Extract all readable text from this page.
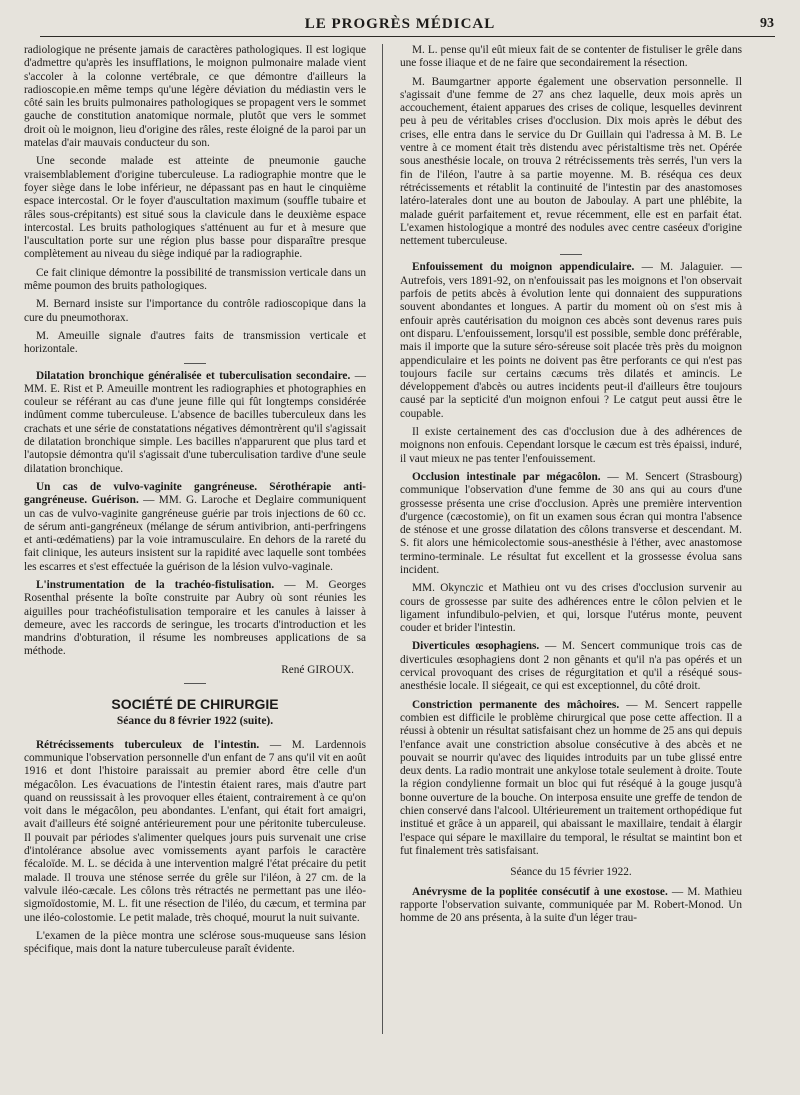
LE PROGRÈS MÉDICAL	93

radiologique ne présente jamais de caractères pathologiques. Il est logique d'admettre qu'après les insufflations, le moignon pulmonaire malade vient s'accoler à la colonne vertébrale, ce que démontre d'ailleurs la radioscopie.en même temps qu'une légère déviation du médiastin vers le côté sain les bruits pulmonaires pathologiques se propagent vers le sommet gauche de constitution anatomique normale, plutôt que vers le sommet droit où le moignon, lieu d'origine des râles, reste éloigné de la paroi par un matelas d'air mauvais conducteur du son.

Une seconde malade est atteinte de pneumonie gauche vraisemblablement d'origine tuberculeuse. La radiographie montre que le foyer siège dans le lobe inférieur, ne dépassant pas en haut le cinquième espace intercostal. Or le foyer d'auscultation maximum (souffle tubaire et râles sous-crépitants) est situé sous la clavicule dans le deuxième espace intercostal. Les bruits pathologiques s'atténuent au fur et à mesure que l'auscultation porte sur une région plus basse pour disparaître presque complètement au niveau du siège indiqué par la radiographie.

Ce fait clinique démontre la possibilité de transmission verticale dans un même poumon des bruits pathologiques.

M. Bernard insiste sur l'importance du contrôle radioscopique dans la cure du pneumothorax.

M. Ameuille signale d'autres faits de transmission verticale et horizontale.

Dilatation bronchique généralisée et tuberculisation secondaire. — MM. E. Rist et P. Ameuille montrent les radiographies et photographies en couleur se référant au cas d'une jeune fille qui fût longtemps considérée indûment comme tuberculeuse. L'absence de bacilles tuberculeux dans les crachats et une série de constatations négatives démontrèrent qu'il s'agissait de dilatation bronchique simple. Les bacilles n'apparurent que plus tard et l'autopsie démontra qu'il s'agissait d'une tuberculisation tardive d'une seule dilatation bronchique.

Un cas de vulvo-vaginite gangréneuse. Sérothérapie anti-gangréneuse. Guérison. — MM. G. Laroche et Deglaire communiquent un cas de vulvo-vaginite gangréneuse guérie par trois injections de 60 cc. de sérum anti-gangréneux (mélange de sérum antivibrion, anti-perfringens et anti-œdématiens) par la voie intramusculaire. En dehors de la rareté du fait clinique, les auteurs insistent sur la rapidité avec laquelle sont tombées les escarres et s'est effectuée la guérison de la lésion vulvo-vaginale.

L'instrumentation de la trachéo-fistulisation. — M. Georges Rosenthal présente la boîte construite par Aubry où sont réunies les aiguilles pour trachéofistulisation temporaire et les canules à laisser à demeure, avec les raccords de seringue, les trocarts d'introduction et les mandrins d'obturation, il résume les nombreuses applications de sa méthode.

René GIROUX.

SOCIÉTÉ DE CHIRURGIE

Séance du 8 février 1922 (suite).

Rétrécissements tuberculeux de l'intestin. — M. Lardennois communique l'observation personnelle d'un enfant de 7 ans qu'il vit en août 1916 et dont l'histoire paraissait au premier abord être celle d'un mégacôlon. Les évacuations de l'intestin étaient rares, mais d'autre part quand on reussissait à les provoquer elles étaient, contrairement à ce qu'on voit dans le mégacôlon, peu abondantes. L'enfant, qui était fort amaigri, avait d'ailleurs été soigné antérieurement pour une péritonite tuberculeuse. Il pouvait par périodes s'alimenter quelques jours puis survenait une crise d'intolérance absolue avec vomissements ayant parfois le caractère fécaloïde. M. L. se décida à une intervention malgré l'état précaire du petit malade. Il trouva une sténose serrée du grêle sur l'iléon, à 27 cm. de la valvule iléo-cæcale. Les côlons très rétractés ne permettant pas une iléo-sigmoïdostomie, M. L. fit une résection de l'iléo, du cæcum, et termina par une iléo-colostomie. Le petit malade, très choqué, mourut la nuit suivante.

L'examen de la pièce montra une sclérose sous-muqueuse sans lésion spécifique, mais dont la nature tuberculeuse paraît évidente.

M. L. pense qu'il eût mieux fait de se contenter de fistuliser le grêle dans une fosse iliaque et de ne faire que secondairement la résection.

M. Baumgartner apporte également une observation personnelle. Il s'agissait d'une femme de 27 ans chez laquelle, deux mois après un accouchement, étaient apparues des crises de colique, lesquelles devinrent peu à peu de véritables crises d'occlusion. Dix mois après le début des crises, elle entra dans le service du Dr Guillain qui l'adressa à M. B. Le ventre à ce moment était très distendu avec péristaltisme très net. Opérée sous anesthésie locale, on trouva 2 rétrécissements très serrés, l'un vers la fin de l'iléon, l'autre à sa partie moyenne. M. B. réséqua ces deux rétrécissements et rétablit la continuité de l'intestin par des anastomoses latéro-laterales dont une au bouton de Jaboulay. A part une phlébite, la malade guérit parfaitement et, revue récemment, elle est en parfait état. L'examen histologique a montré des nodules avec centre caséeux d'origine nettement tuberculeuse.

Enfouissement du moignon appendiculaire. — M. Jalaguier. — Autrefois, vers 1891-92, on n'enfouissait pas les moignons et l'on observait parfois de petits abcès à évolution lente qui donnaient des suppurations souvent abondantes et longues. A partir du moment où on s'est mis à enfouir après cautérisation du moignon ces abcès sont devenus rares puis ont disparu. L'enfouissement, lorsqu'il est possible, semble donc préférable, mais il importe que la suture séro-séreuse soit placée très près du moignon appendiculaire et les points ne doivent pas être perforants ce qui n'est pas toujours facile sur certains cæcums très dilatés et amincis. Le développement d'abcès ou autres incidents peut-il d'ailleurs être toujours causé par la septicité d'un moignon enfoui ? Le catgut peut aussi être le coupable.

Il existe certainement des cas d'occlusion due à des adhérences de moignons non enfouis. Cependant lorsque le cæcum est très épaissi, induré, il vaut mieux ne pas tenter l'enfouissement.

Occlusion intestinale par mégacôlon. — M. Sencert (Strasbourg) communique l'observation d'une femme de 30 ans qui au cours d'une grossesse présenta une crise d'occlusion. Après une première intervention d'urgence (cæcostomie), on fit un examen sous écran qui montra l'absence de sténose et une grosse dilatation des côlons transverse et descendant. M. S. fit alors une hémicolectomie sous-anesthésie à l'éther, avec anastomose termino-terminale. Le résultat fut excellent et la grossesse évolua sans incident.

MM. Okynczic et Mathieu ont vu des crises d'occlusion survenir au cours de grossesse par suite des adhérences entre le côlon pelvien et le ligament infundibulo-pelvien, et qui, lorsque l'utérus monte, peuvent couder et brider l'intestin.

Diverticules œsophagiens. — M. Sencert communique trois cas de diverticules œsophagiens dont 2 non gênants et qu'il n'a pas opérés et un cervical provoquant des crises de régurgitation et qu'il a réséqué sous-anesthésie locale. Il siégeait, ce qui est exceptionnel, du côté droit.

Constriction permanente des mâchoires. — M. Sencert rappelle combien est difficile le problème chirurgical que pose cette affection. Il a réussi à obtenir un résultat satisfaisant chez un homme de 25 ans qui depuis l'enfance avait une constriction absolue consécutive à des abcès et ne pouvait se nourrir qu'avec des liquides introduits par un tube glissé entre deux dents. La radio montrait une ankylose totale seulement à droite. Toute la région condylienne formait un bloc qui fut réséqué à la gouge jusqu'à bonne ouverture de la bouche. On interposa ensuite une greffe de tendon de chien conservé dans l'alcool. Ultérieurement un traitement orthopédique fut institué et grâce à un appareil, qui abaissant le maxillaire, tendait à élargir l'espace qui sépare le maxillaire du temporal, le résultat se maintint bon et fut finalement très satisfaisant.

Séance du 15 février 1922.

Anévrysme de la poplitée consécutif à une exostose. — M. Mathieu rapporte l'observation suivante, communiquée par M. Robert-Monod. Un homme de 20 ans présenta, à la suite d'un léger trau-
